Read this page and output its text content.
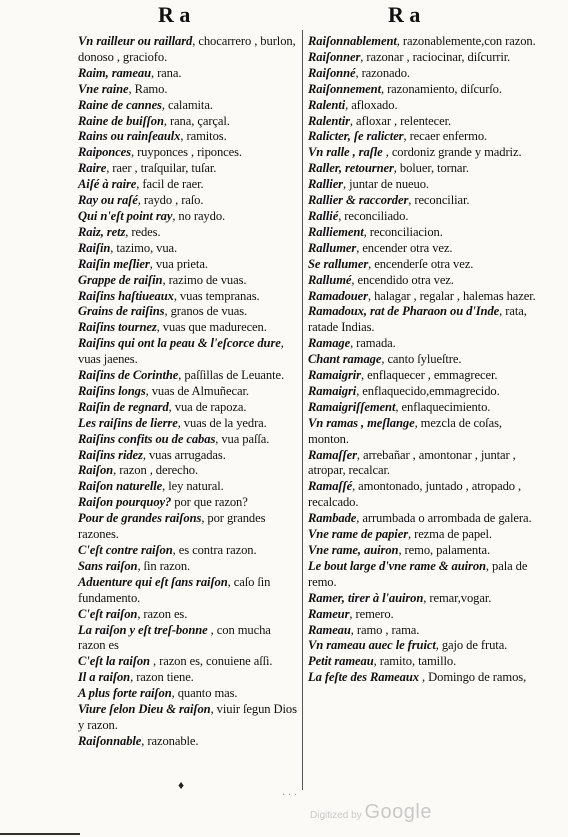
R a	R a
Vn railleur ou raillard, chocarrero , burlon, donoso , graciofo.
Raim, rameau, rana.
Vne raine, Ramo.
Raine de cannes, calamita.
Raine de buiſſon, rana, çarçal.
Rains ou rainſeaulx, ramitos.
Raiponces, ruyponces , riponces.
Raire, raer , traſquilar, tuſar.
Aiſé à raire, facil de raer.
Ray ou raſé, raydo , raſo.
Qui n'eſt point ray, no raydo.
Raiz, retz, redes.
Raiſin, tazimo, vua.
Raiſin meſlier, vua prieta.
Grappe de raiſin, razimo de vuas.
Raiſins haſtiueaux, vuas tempranas.
Grains de raiſins, granos de vuas.
Raiſins tournez, vuas que madurecen.
Raiſins qui ont la peau & l'eſcorce dure, vuas jaenes.
Raiſins de Corinthe, paſſillas de Leuante.
Raiſins longs, vuas de Almuñecar.
Raiſin de regnard, vua de rapoza.
Les raiſins de lierre, vuas de la yedra.
Raiſins confits ou de cabas, vua paſſa.
Raiſins ridez, vuas arrugadas.
Raiſon, razon , derecho.
Raiſon naturelle, ley natural.
Raiſon pourquoy? por que razon?
Pour de grandes raiſons, por grandes razones.
C'eſt contre raiſon, es contra razon.
Sans raiſon, ſin razon.
Aduenture qui eſt ſans raiſon, caſo ſin fundamento.
C'eſt raiſon, razon es.
La raiſon y eſt treſ-bonne , con mucha razon es
C'eſt la raiſon , razon es, conuiene aſſi.
Il a raiſon, razon tiene.
A plus forte raiſon, quanto mas.
Viure ſelon Dieu & raiſon, viuir ſegun Dios y razon.
Raiſonnable, razonable.
Raiſonnablement, razonablemente,con razon.
Raiſonner, razonar , raciocinar, diſcurrir.
Raiſonné, razonado.
Raiſonnement, razonamiento, diſcurſo.
Ralenti, afloxado.
Ralentir, afloxar , relentecer.
Ralicter, ſe ralicter, recaer enfermo.
Vn ralle , raſle , cordoniz grande y madriz.
Raller, retourner, boluer, tornar.
Rallier, juntar de nueuo.
Rallier & raccorder, reconciliar.
Rallié, reconciliado.
Ralliement, reconciliacion.
Rallumer, encender otra vez.
Se rallumer, encenderſe otra vez.
Rallumé, encendido otra vez.
Ramadouer, halagar , regalar , halemas hazer.
Ramadoux, rat de Pharaon ou d'Inde, rata, ratade Indias.
Ramage, ramada.
Chant ramage, canto ſylueſtre.
Ramaigrir, enflaquecer , emmagrecer.
Ramaigri, enflaquecido,emmagrecido.
Ramaigriſſement, enflaquecimiento.
Vn ramas , meſlange, mezcla de coſas, monton.
Ramaſſer, arrebañar , amontonar , juntar , atropar, recalcar.
Ramaſſé, amontonado, juntado , atropado , recalcado.
Rambade, arrumbada o arrombada de galera.
Vne rame de papier, rezma de papel.
Vne rame, auiron, remo, palamenta.
Le bout large d'vne rame & auiron, pala de remo.
Ramer, tirer à l'auiron, remar,vogar.
Rameur, remero.
Rameau, ramo , rama.
Vn rameau auec le fruict, gajo de fruta.
Petit rameau, ramito, tamillo.
La feſte des Rameaux , Domingo de ramos,
♦
· · ·
Digitized by Google
